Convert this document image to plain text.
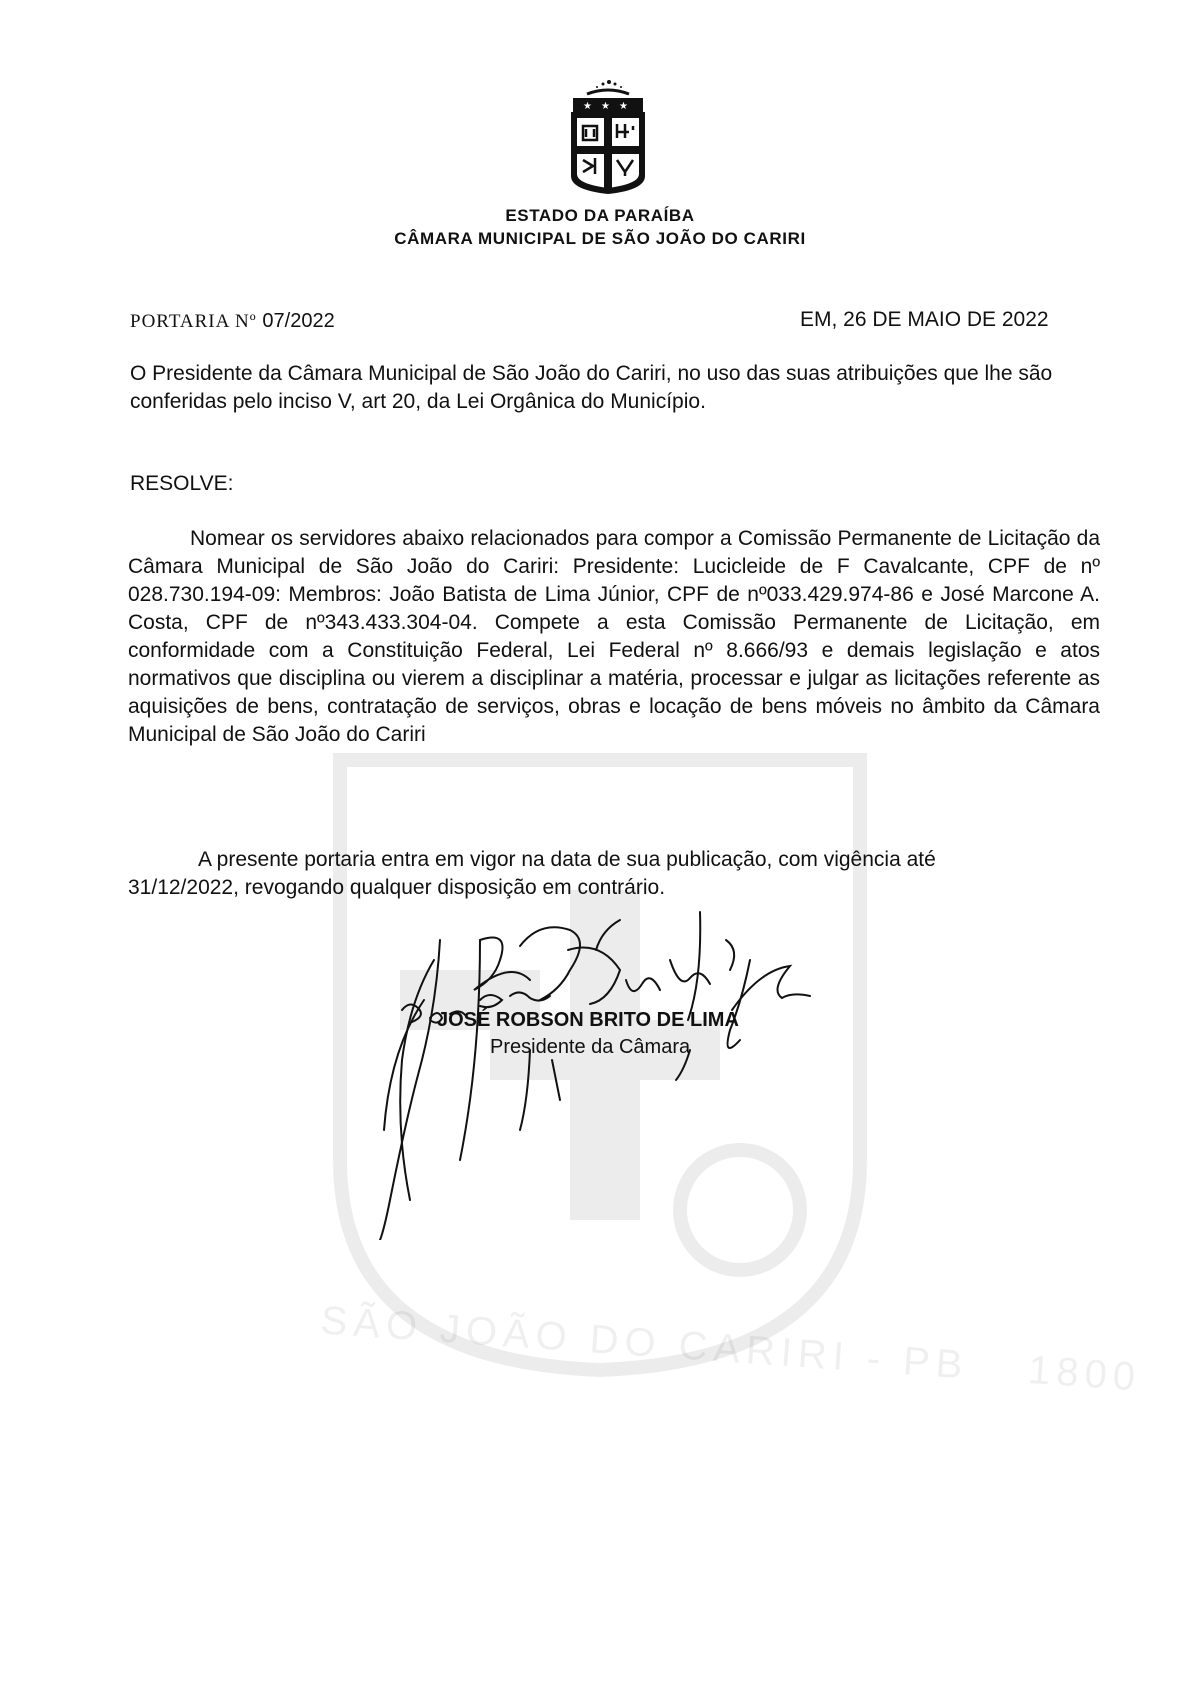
SÃO JOÃO DO CARIRI - PB 1800
★ ★ ★
ESTADO DA PARAÍBA
CÂMARA MUNICIPAL DE SÃO JOÃO DO CARIRI
PORTARIA Nº 07/2022	EM, 26 DE MAIO DE 2022
O Presidente da Câmara Municipal de São João do Cariri, no uso das suas atribuições que lhe são conferidas pelo inciso V, art 20, da Lei Orgânica do Município.
RESOLVE:
Nomear os servidores abaixo relacionados para compor a Comissão Permanente de Licitação da Câmara Municipal de São João do Cariri: Presidente: Lucicleide de F Cavalcante, CPF de nº 028.730.194-09: Membros: João Batista de Lima Júnior, CPF de nº033.429.974-86 e José Marcone A. Costa, CPF de nº343.433.304-04. Compete a esta Comissão Permanente de Licitação, em conformidade com a Constituição Federal, Lei Federal nº 8.666/93 e demais legislação e atos normativos que disciplina ou vierem a disciplinar a matéria, processar e julgar as licitações referente as aquisições de bens, contratação de serviços, obras e locação de bens móveis no âmbito da Câmara Municipal de São João do Cariri
A presente portaria entra em vigor na data de sua publicação, com vigência até 31/12/2022, revogando qualquer disposição em contrário.
JOSÉ ROBSON BRITO DE LIMA
Presidente da Câmara
